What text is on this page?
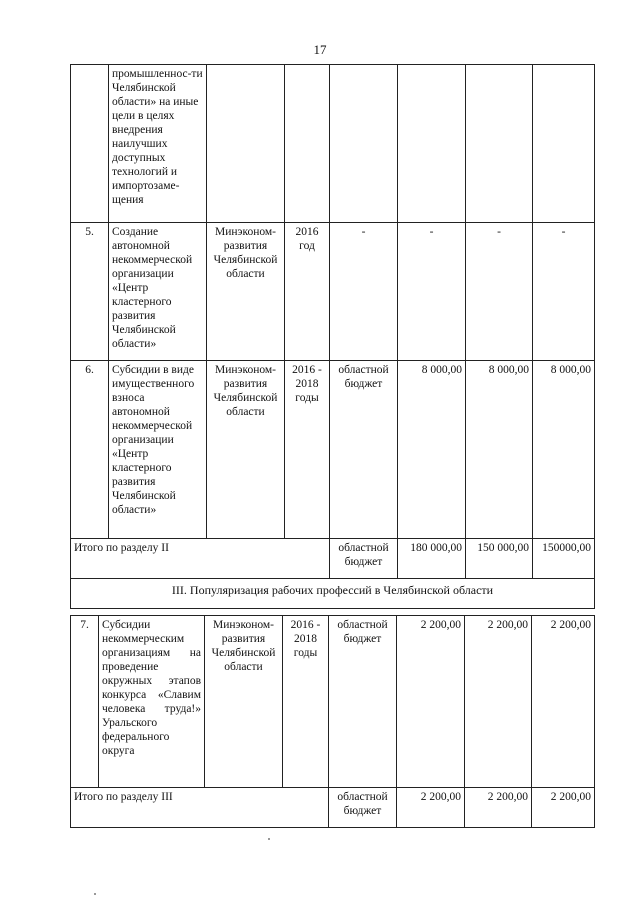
17
	промышленнос-ти Челябинской области» на иные цели в целях внедрения наилучших доступных технологий и импортозаме-щения						
5.	Создание автономной некоммерческой организации «Центр кластерного развития Челябинской области»	Минэконом-развития Челябинской области	2016 год	-	-	-	-
6.	Субсидии в виде имущественного взноса автономной некоммерческой организации «Центр кластерного развития Челябинской области»	Минэконом-развития Челябинской области	2016 - 2018 годы	областной бюджет	8 000,00	8 000,00	8 000,00
Итого по разделу II				областной бюджет	180 000,00	150 000,00	150000,00
III. Популяризация рабочих профессий в Челябинской области							
7.	Субсидии некоммерческим организациям на проведение окружных этапов конкурса «Славим человека труда!» Уральского федерального округа	Минэконом-развития Челябинской области	2016 - 2018 годы	областной бюджет	2 200,00	2 200,00	2 200,00
Итого по разделу III				областной бюджет	2 200,00	2 200,00	2 200,00
